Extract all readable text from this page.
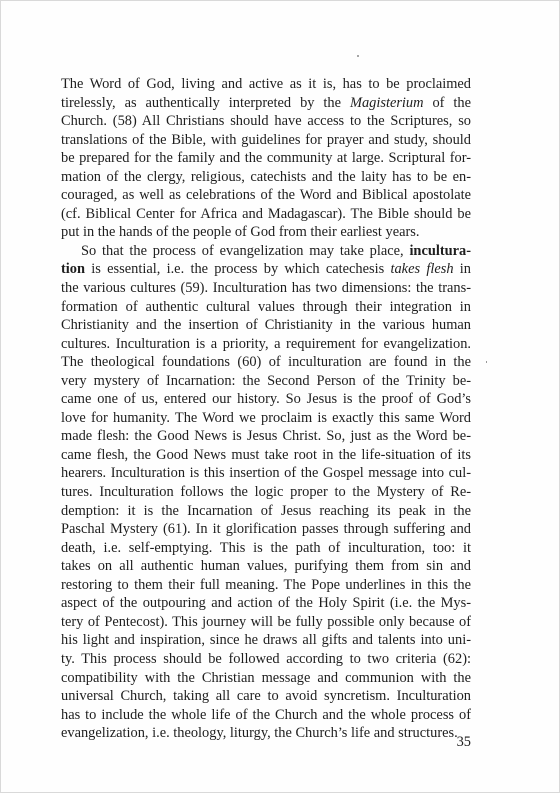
The Word of God, living and active as it is, has to be proclaimed
tirelessly, as authentically interpreted by the Magisterium of the
Church. (58) All Christians should have access to the Scriptures, so
translations of the Bible, with guidelines for prayer and study, should
be prepared for the family and the community at large. Scriptural for-
mation of the clergy, religious, catechists and the laity has to be en-
couraged, as well as celebrations of the Word and Biblical apostolate
(cf. Biblical Center for Africa and Madagascar). The Bible should be
put in the hands of the people of God from their earliest years.
So that the process of evangelization may take place, incultura-
tion is essential, i.e. the process by which catechesis takes flesh in
the various cultures (59). Inculturation has two dimensions: the trans-
formation of authentic cultural values through their integration in
Christianity and the insertion of Christianity in the various human
cultures. Inculturation is a priority, a requirement for evangelization.
The theological foundations (60) of inculturation are found in the
very mystery of Incarnation: the Second Person of the Trinity be-
came one of us, entered our history. So Jesus is the proof of God’s
love for humanity. The Word we proclaim is exactly this same Word
made flesh: the Good News is Jesus Christ. So, just as the Word be-
came flesh, the Good News must take root in the life-situation of its
hearers. Inculturation is this insertion of the Gospel message into cul-
tures. Inculturation follows the logic proper to the Mystery of Re-
demption: it is the Incarnation of Jesus reaching its peak in the
Paschal Mystery (61). In it glorification passes through suffering and
death, i.e. self-emptying. This is the path of inculturation, too: it
takes on all authentic human values, purifying them from sin and
restoring to them their full meaning. The Pope underlines in this the
aspect of the outpouring and action of the Holy Spirit (i.e. the Mys-
tery of Pentecost). This journey will be fully possible only because of
his light and inspiration, since he draws all gifts and talents into uni-
ty. This process should be followed according to two criteria (62):
compatibility with the Christian message and communion with the
universal Church, taking all care to avoid syncretism. Inculturation
has to include the whole life of the Church and the whole process of
evangelization, i.e. theology, liturgy, the Church’s life and structures.
35
